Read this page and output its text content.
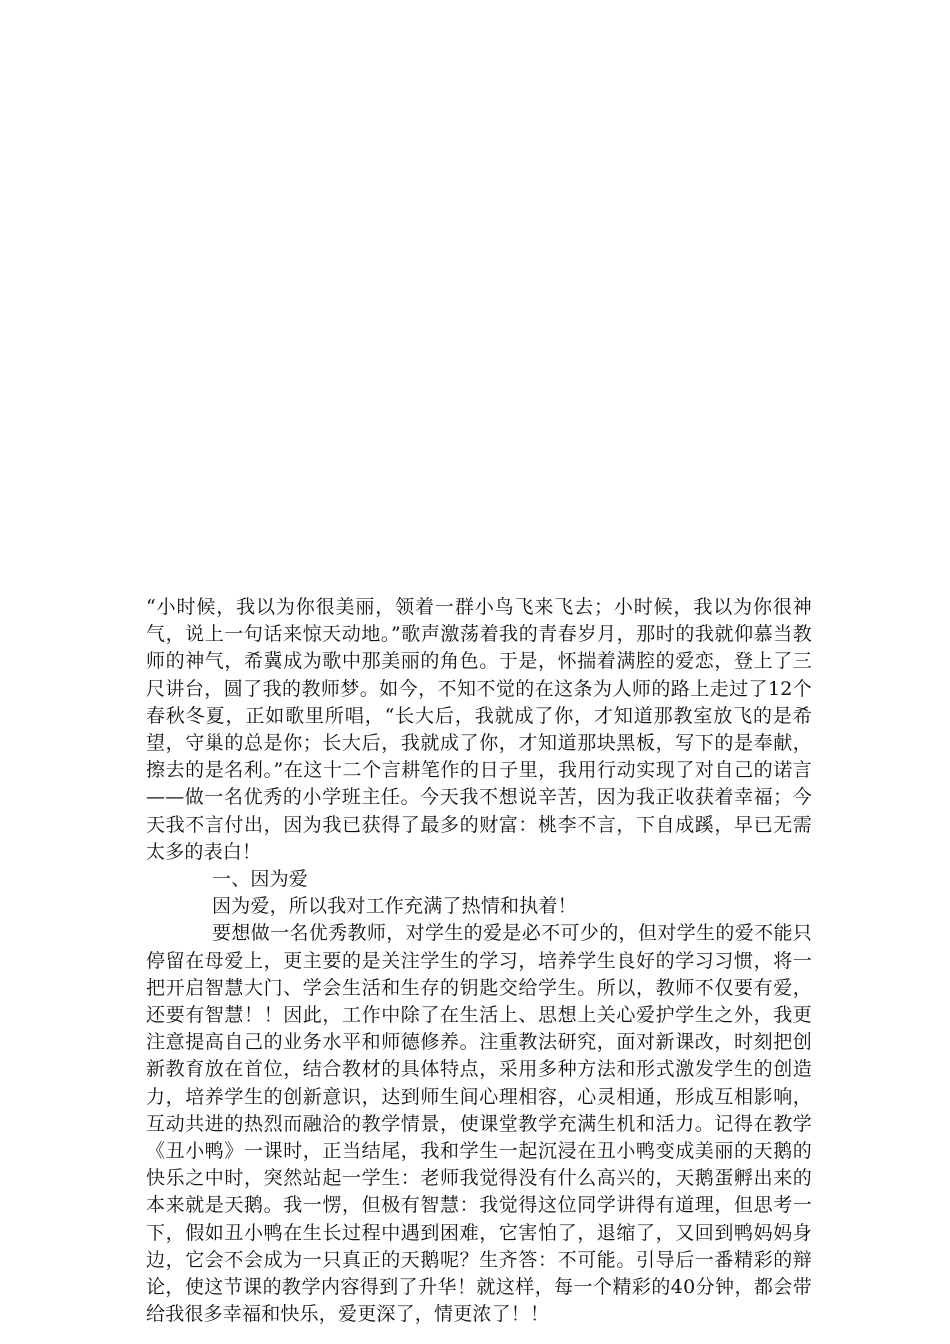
“小时候，我以为你很美丽，领着一群小鸟飞来飞去；小时候，我以为你很神气，说上一句话来惊天动地。”歌声激荡着我的青春岁月，那时的我就仰慕当教师的神气，希冀成为歌中那美丽的角色。于是，怀揣着满腔的爱恋，登上了三尺讲台，圆了我的教师梦。如今，不知不觉的在这条为人师的路上走过了12个春秋冬夏，正如歌里所唱，“长大后，我就成了你，才知道那教室放飞的是希望，守巢的总是你；长大后，我就成了你，才知道那块黑板，写下的是奉献，擦去的是名利。”在这十二个言耕笔作的日子里，我用行动实现了对自己的诺言——做一名优秀的小学班主任。今天我不想说辛苦，因为我正收获着幸福；今天我不言付出，因为我已获得了最多的财富：桃李不言，下自成蹊，早已无需太多的表白！

一、因为爱

因为爱，所以我对工作充满了热情和执着！

要想做一名优秀教师，对学生的爱是必不可少的，但对学生的爱不能只停留在母爱上，更主要的是关注学生的学习，培养学生良好的学习习惯，将一把开启智慧大门、学会生活和生存的钥匙交给学生。所以，教师不仅要有爱，还要有智慧！！因此，工作中除了在生活上、思想上关心爱护学生之外，我更注意提高自己的业务水平和师德修养。注重教法研究，面对新课改，时刻把创新教育放在首位，结合教材的具体特点，采用多种方法和形式激发学生的创造力，培养学生的创新意识，达到师生间心理相容，心灵相通，形成互相影响，互动共进的热烈而融洽的教学情景，使课堂教学充满生机和活力。记得在教学《丑小鸭》一课时，正当结尾，我和学生一起沉浸在丑小鸭变成美丽的天鹅的快乐之中时，突然站起一学生：老师我觉得没有什么高兴的，天鹅蛋孵出来的本来就是天鹅。我一愣，但极有智慧：我觉得这位同学讲得有道理，但思考一下，假如丑小鸭在生长过程中遇到困难，它害怕了，退缩了，又回到鸭妈妈身边，它会不会成为一只真正的天鹅呢？生齐答：不可能。引导后一番精彩的辩论，使这节课的教学内容得到了升华！就这样，每一个精彩的40分钟，都会带给我很多幸福和快乐，爱更深了，情更浓了！！
